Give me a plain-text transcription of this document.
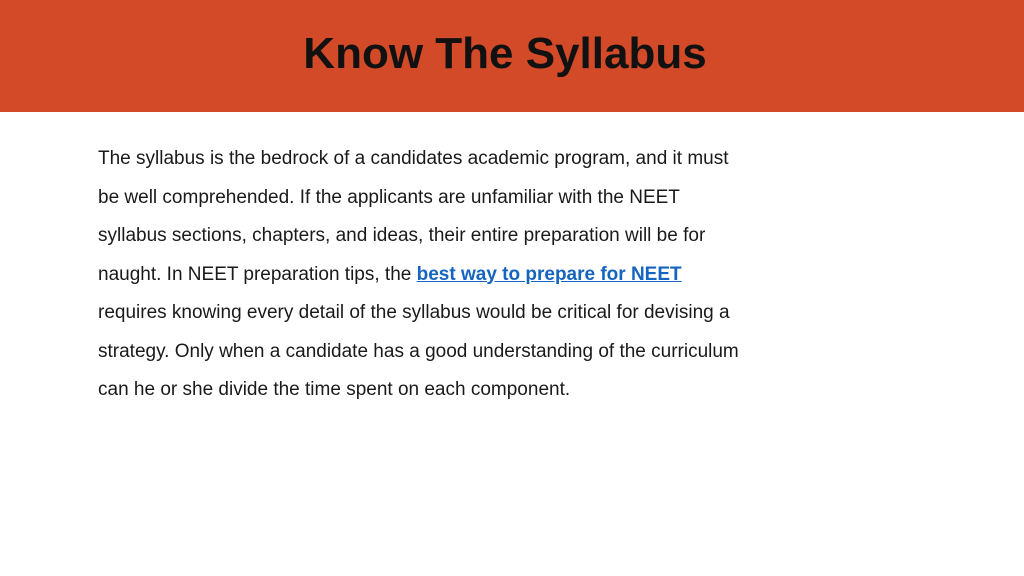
Know The Syllabus

The syllabus is the bedrock of a candidates academic program, and it must
be well comprehended. If the applicants are unfamiliar with the NEET
syllabus sections, chapters, and ideas, their entire preparation will be for
naught. In NEET preparation tips, the best way to prepare for NEET
requires knowing every detail of the syllabus would be critical for devising a
strategy. Only when a candidate has a good understanding of the curriculum
can he or she divide the time spent on each component.
